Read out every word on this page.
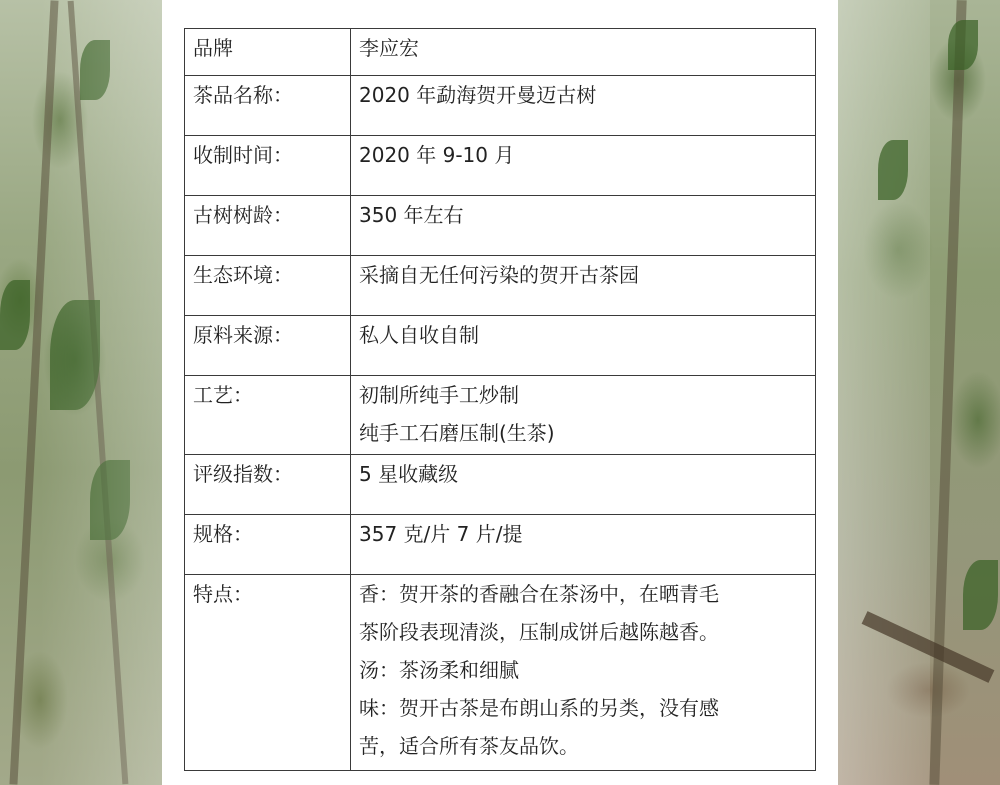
品牌	李应宏

茶品名称：	2020 年勐海贺开曼迈古树

收制时间：	2020 年 9-10 月

古树树龄：	350 年左右

生态环境：	采摘自无任何污染的贺开古茶园

原料来源：	私人自收自制

工艺：	初制所纯手工炒制
纯手工石磨压制(生茶)

评级指数：	5 星收藏级

规格：	357 克/片 7 片/提

特点：	香：贺开茶的香融合在茶汤中，在晒青毛
茶阶段表现清淡，压制成饼后越陈越香。
汤：茶汤柔和细腻
味：贺开古茶是布朗山系的另类，没有感
苦，适合所有茶友品饮。
